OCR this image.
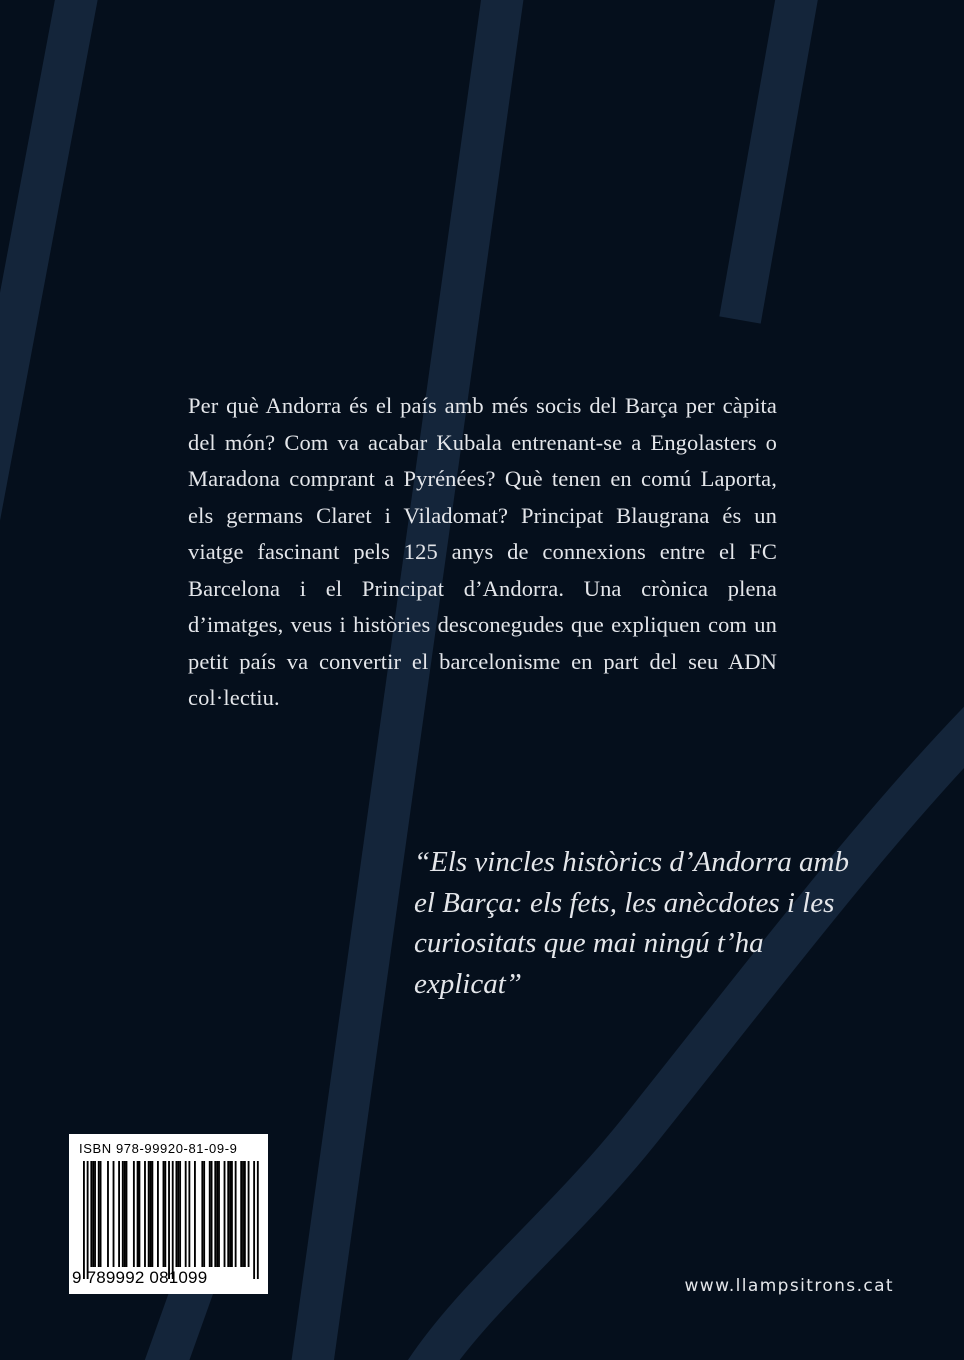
Per què Andorra és el país amb més socis del Barça per càpita del món? Com va acabar Kubala entrenant-se a Engolasters o Maradona comprant a Pyrénées? Què tenen en comú Laporta, els germans Claret i Viladomat? Principat Blaugrana és un viatge fascinant pels 125 anys de connexions entre el FC Barcelona i el Principat d’Andorra. Una crònica plena d’imatges, veus i històries desconegudes que expliquen com un petit país va convertir el barcelonisme en part del seu ADN col·lectiu.

“Els vincles històrics d’Andorra amb el Barça: els fets, les anècdotes i les curiositats que mai ningú t’ha explicat”

ISBN 978-99920-81-09-9
9 789992 081099	www.llampsitrons.cat
